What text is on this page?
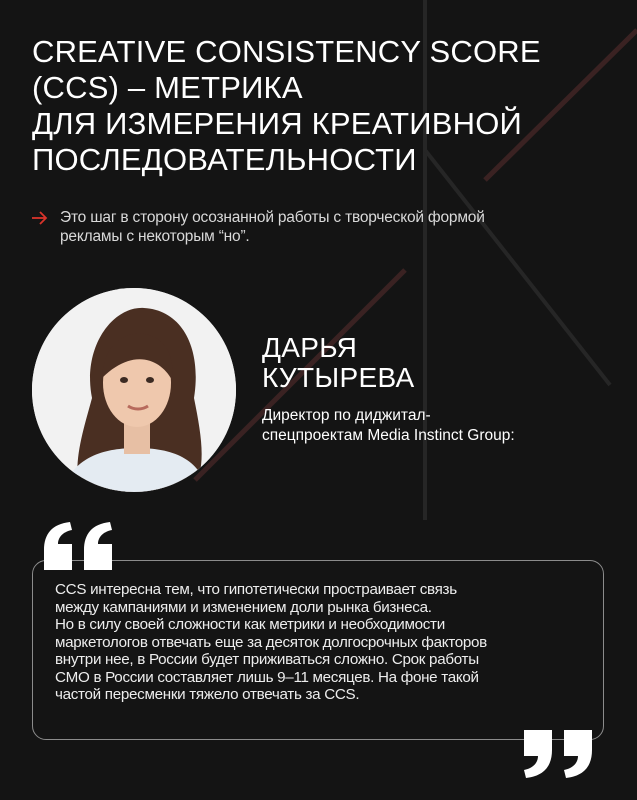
CREATIVE CONSISTENCY SCORE
(CCS) – МЕТРИКА
ДЛЯ ИЗМЕРЕНИЯ КРЕАТИВНОЙ
ПОСЛЕДОВАТЕЛЬНОСТИ
Это шаг в сторону осознанной работы с творческой формой
рекламы с некоторым “но”.
ДАРЬЯ
КУТЫРЕВА
Директор по диджитал-
спецпроектам Media Instinct Group:
CCS интересна тем, что гипотетически простраивает связь
между кампаниями и изменением доли рынка бизнеса.
Но в силу своей сложности как метрики и необходимости
маркетологов отвечать еще за десяток долгосрочных факторов
внутри нее, в России будет приживаться сложно. Срок работы
CMO в России составляет лишь 9–11 месяцев. На фоне такой
частой пересменки тяжело отвечать за CCS.
